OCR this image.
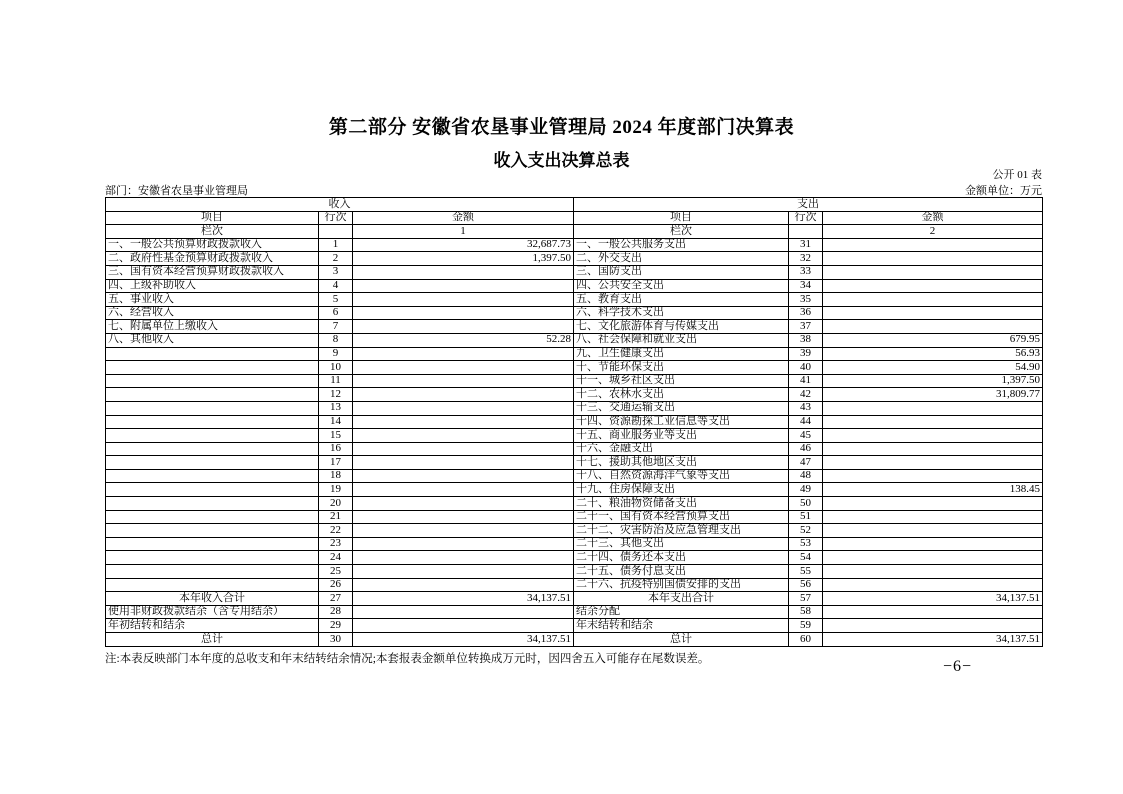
第二部分 安徽省农垦事业管理局 2024 年度部门决算表
收入支出决算总表
公开 01 表
部门：安徽省农垦事业管理局	金额单位：万元
收入			支出		
项目	行次	金额	项目	行次	金额
栏次		1	栏次		2
一、一般公共预算财政拨款收入	1	32,687.73	一、一般公共服务支出	31	
二、政府性基金预算财政拨款收入	2	1,397.50	二、外交支出	32	
三、国有资本经营预算财政拨款收入	3		三、国防支出	33	
四、上级补助收入	4		四、公共安全支出	34	
五、事业收入	5		五、教育支出	35	
六、经营收入	6		六、科学技术支出	36	
七、附属单位上缴收入	7		七、文化旅游体育与传媒支出	37	
八、其他收入	8	52.28	八、社会保障和就业支出	38	679.95
	9		九、卫生健康支出	39	56.93
	10		十、节能环保支出	40	54.90
	11		十一、城乡社区支出	41	1,397.50
	12		十二、农林水支出	42	31,809.77
	13		十三、交通运输支出	43	
	14		十四、资源勘探工业信息等支出	44	
	15		十五、商业服务业等支出	45	
	16		十六、金融支出	46	
	17		十七、援助其他地区支出	47	
	18		十八、自然资源海洋气象等支出	48	
	19		十九、住房保障支出	49	138.45
	20		二十、粮油物资储备支出	50	
	21		二十一、国有资本经营预算支出	51	
	22		二十二、灾害防治及应急管理支出	52	
	23		二十三、其他支出	53	
	24		二十四、债务还本支出	54	
	25		二十五、债务付息支出	55	
	26		二十六、抗疫特别国债安排的支出	56	
本年收入合计	27	34,137.51	本年支出合计	57	34,137.51
使用非财政拨款结余（含专用结余）	28		结余分配	58	
年初结转和结余	29		年末结转和结余	59	
总计	30	34,137.51	总计	60	34,137.51
注:本表反映部门本年度的总收支和年末结转结余情况;本套报表金额单位转换成万元时，因四舍五入可能存在尾数误差。	−6−
